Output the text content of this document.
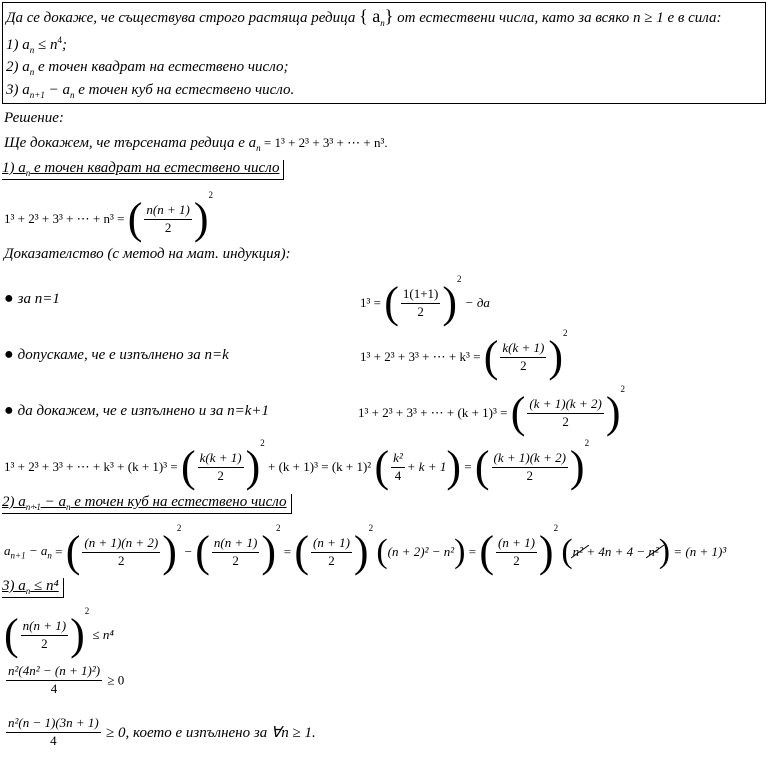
Да се докаже, че съществува строго растяща редица { $a_n$} от естествени числа, като за всяко n ≥ 1 е в сила:
1) $a_n \le n^4$;
2) $a_n$ е точен квадрат на естествено число;
3) $a_{n+1} - a_n$ е точен куб на естествено число.
Решение:
Ще докажем, че търсената редица е $a_n = 1^3 + 2^3 + 3^3$ + ⋯ + n³.
1) $a_n$ е точен квадрат на естествено число
1³ + 2³ + 3³ + ⋯ + n³ = ( $\frac{n(n + 1)}{2} )^2$
Доказателство (с метод на мат. индукция):
● за n=1	1³ = ( $\frac{1(1+1)}{2} )^2$ − да
● допускаме, че е изпълнено за n=k	1³ + 2³ + 3³ + ⋯ + k³ = ( $\frac{k(k + 1)}{2} )^2$
● да докажем, че е изпълнено и за n=k+1	1³ + 2³ + 3³ + ⋯ + (k + 1)³ = ( $\frac{(k + 1)(k + 2)}{2} )^2$
1³ + 2³ + 3³ + ⋯ + k³ + (k + 1)³ = ( $\frac{k(k + 1)}{2} )^2 + (k + 1)^3 = (k + 1)^2$ ( $\frac{\text{k²}}{4} + k + 1$) = ( $\frac{(k + 1)(k + 2)}{2} )^2$
2) $a_{n+1} - a_n$ е точен куб на естествено число
$a_{n+1} - a_n$ = ( $\frac{(n + 1)(n + 2)}{2} )^2$ − ( $\frac{n(n + 1)}{2} )^2$ = ( $\frac{(n + 1)}{2} )^2$ ((n + 2)² − n²) = ( $\frac{(n + 1)}{2} )^2$ (n² + 4n + 4 − n²
) = (n + 1)³
3) $a_n \le n^4$
( $\frac{n(n + 1)}{2} )^2 \le n^4$
$\frac{\text{n²(4n² − (n + 1)²)}}{4} \ge 0$
$\frac{\text{n²(n − 1)(3n + 1)}}{4} \ge 0$, което е изпълнено за ∀n ≥ 1.
